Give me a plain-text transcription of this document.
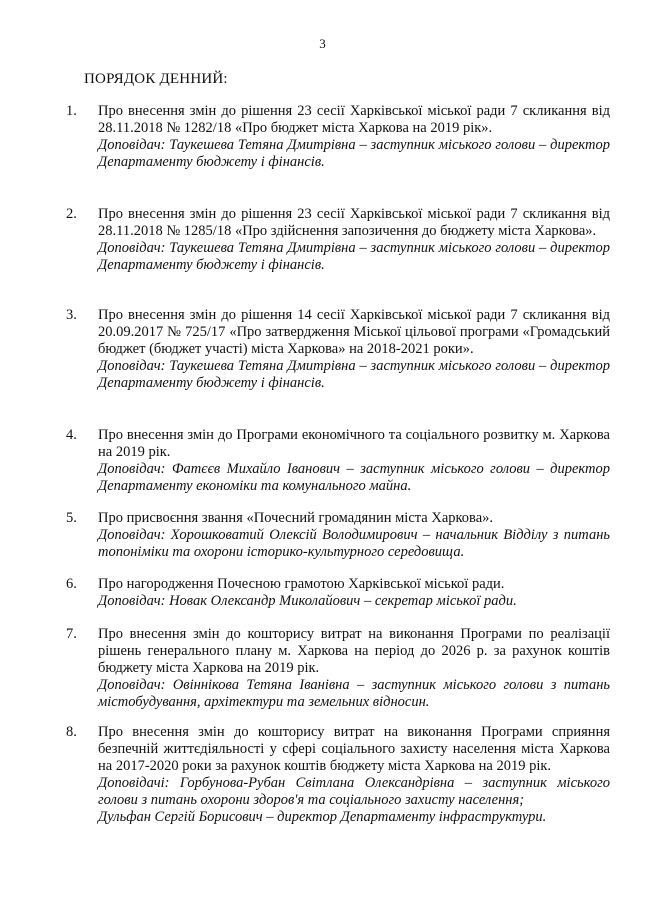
3
ПОРЯДОК ДЕННИЙ:
1. Про внесення змін до рішення 23 сесії Харківської міської ради 7 скликання від 28.11.2018 № 1282/18 «Про бюджет міста Харкова на 2019 рік».
Доповідач: Таукешева Тетяна Дмитрівна – заступник міського голови – директор Департаменту бюджету і фінансів.
2. Про внесення змін до рішення 23 сесії Харківської міської ради 7 скликання від 28.11.2018 № 1285/18 «Про здійснення запозичення до бюджету міста Харкова».
Доповідач: Таукешева Тетяна Дмитрівна – заступник міського голови – директор Департаменту бюджету і фінансів.
3. Про внесення змін до рішення 14 сесії Харківської міської ради 7 скликання від 20.09.2017 № 725/17 «Про затвердження Міської цільової програми «Громадський бюджет (бюджет участі) міста Харкова» на 2018-2021 роки».
Доповідач: Таукешева Тетяна Дмитрівна – заступник міського голови – директор Департаменту бюджету і фінансів.
4. Про внесення змін до Програми економічного та соціального розвитку м. Харкова на 2019 рік.
Доповідач: Фатєєв Михайло Іванович – заступник міського голови – директор Департаменту економіки та комунального майна.
5. Про присвоєння звання «Почесний громадянин міста Харкова».
Доповідач: Хорошковатий Олексій Володимирович – начальник Відділу з питань топоніміки та охорони історико-культурного середовища.
6. Про нагородження Почесною грамотою Харківської міської ради.
Доповідач: Новак Олександр Миколайович – секретар міської ради.
7. Про внесення змін до кошторису витрат на виконання Програми по реалізації рішень генерального плану м. Харкова на період до 2026 р. за рахунок коштів бюджету міста Харкова на 2019 рік.
Доповідач: Овіннікова Тетяна Іванівна – заступник міського голови з питань містобудування, архітектури та земельних відносин.
8. Про внесення змін до кошторису витрат на виконання Програми сприяння безпечній життєдіяльності у сфері соціального захисту населення міста Харкова на 2017-2020 роки за рахунок коштів бюджету міста Харкова на 2019 рік.
Доповідачі: Горбунова-Рубан Світлана Олександрівна – заступник міського голови з питань охорони здоров'я та соціального захисту населення;
Дульфан Сергій Борисович – директор Департаменту інфраструктури.
